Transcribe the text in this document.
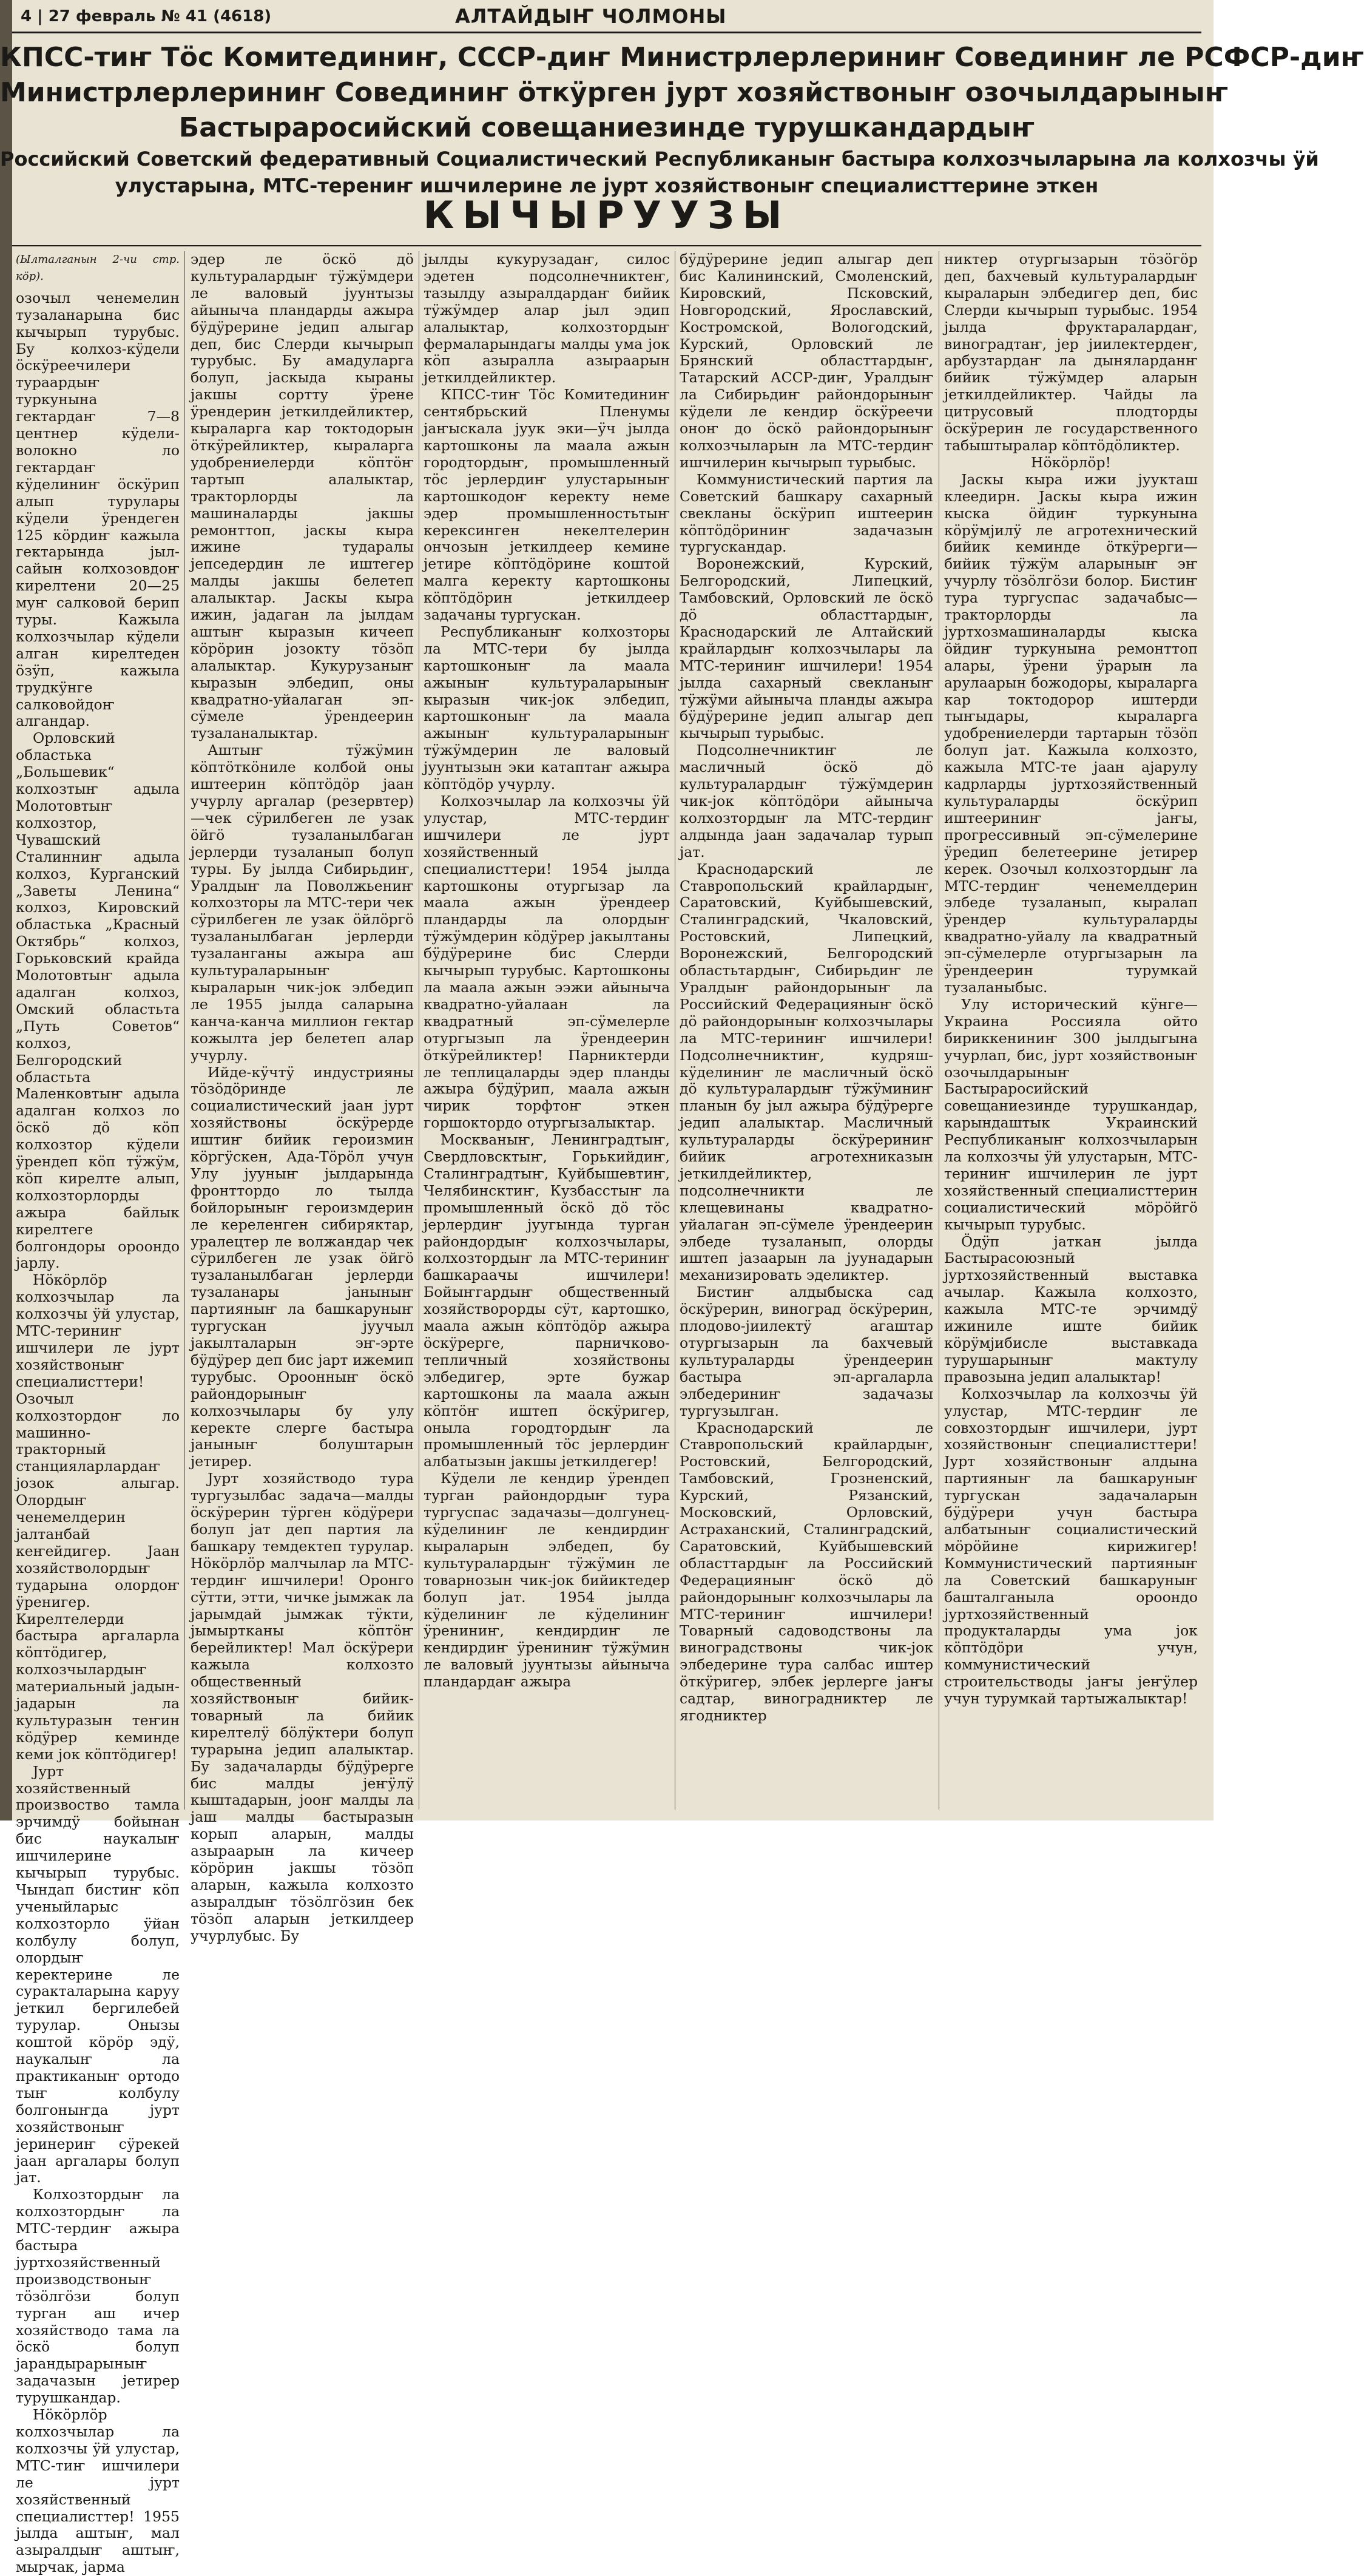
4 | 27 февраль № 41 (4618)	АЛТАЙДЫҤ ЧОЛМОНЫ
КПСС-тиҥ Тӧс Комитединиҥ, СССР-диҥ Министрлерлериниҥ Совединиҥ ле РСФСР-диҥ
Министрлерлериниҥ Совединиҥ ӧткӱрген јурт хозяйствоныҥ озочылдарыныҥ
Бастыраросийский совещаниезинде турушкандардыҥ
Российский Советский федеративный Социалистический Республиканыҥ бастыра колхозчыларына ла колхозчы ӱй
улустарына, МТС-терениҥ ишчилерине ле јурт хозяйствоныҥ специалисттерине эткен
КЫЧЫРУУЗЫ
(Ылталганын 2-чи стр. кӧр).

озочыл ченемелин тузаланарына бис кычырып турубыс. Бу колхоз-кӱдели ӧскӱреечилери тураардыҥ туркунына гектардаҥ 7—8 центнер кӱдели-волокно ло гектардаҥ кӱделиниҥ ӧскӱрип алып турулары кӱдели ӱрендеген 125 кӧрдиҥ кажыла гектарында јыл-сайын колхозовдоҥ кирелтени 20—25 муҥ салковой берип туры. Кажыла колхозчылар кӱдели алган кирелтеден ӧзӱп, кажыла трудкӱнге салковойдоҥ алгандар.

Орловский областька „Большевик“ колхозтыҥ адыла Молотовтыҥ колхозтор, Чувашский Сталинниҥ адыла колхоз, Курганский „Заветы Ленина“ колхоз, Кировский областька „Красный Октябрь“ колхоз, Горьковский крайда Молотовтыҥ адыла адалган колхоз, Омский областьта „Путь Советов“ колхоз, Белгородский областьта Маленковтыҥ адыла адалган колхоз ло ӧскӧ дӧ кӧп колхозтор кӱдели ӱрендеп кӧп тӱжӱм, кӧп кирелте алып, колхозторлорды ажыра байлык кирелтеге болгондоры ороондо јарлу.

Нӧкӧрлӧр колхозчылар ла колхозчы ӱй улустар, МТС-териниҥ ишчилери ле јурт хозяйствоныҥ специалисттери! Озочыл колхозтордоҥ ло машинно-тракторный станцияларлардаҥ јозок алыгар. Олордыҥ ченемелдерин јалтанбай кеҥейдигер. Јаан хозяйстволордыҥ тударына олордоҥ ӱренигер. Кирелтелерди бастыра аргаларла кӧптӧдигер, колхозчылардыҥ материальный јадын-јадарын ла культуразын теҥин кӧдӱрер кеминде кеми јок кӧптӧдигер!

Јурт хозяйственный произвоство тамла эрчимдӱ бойынан бис наукалыҥ ишчилерине кычырып турубыс. Чындап бистиҥ кӧп ученыйларыс колхозторло ӱйан колбулу болуп, олордыҥ керектерине ле суракталарына каруу јеткил бергилебей турулар. Онызы коштой кӧрӧр эдӱ, наукалыҥ ла практиканыҥ ортодо тыҥ колбулу болгоныҥда јурт хозяйствоныҥ јеринериҥ сӱрекей јаан аргалары болуп јат.

Колхозтордыҥ ла колхозтордыҥ ла МТС-тердиҥ ажыра бастыра јуртхозяйственный производствоныҥ тӧзӧлгӧзи болуп турган аш ичер хозяйстводо тама ла ӧскӧ болуп јарандырарыныҥ задачазын јетирер турушкандар.

Нӧкӧрлӧр колхозчылар ла колхозчы ӱй улустар, МТС-тиҥ ишчилери ле јурт хозяйственный специалисттер! 1955 јылда аштыҥ, мал азыралдыҥ аштыҥ, мырчак, јарма

эдер ле ӧскӧ дӧ культуралардыҥ тӱжӱмдери ле валовый јуунтызы айыныча пландарды ажыра бӱдӱрерине једип алыгар деп, бис Слерди кычырып турубыс. Бу амадуларга болуп, јаскыда кыраны јакшы сортту ӱрене ӱрендерин јеткилдейликтер, кыраларга кар токтодорын ӧткӱрейликтер, кыраларга удобрениелерди кӧптӧҥ тартып алалыктар, тракторлорды ла машиналарды јакшы ремонттоп, јаскы кыра ижине тударалы јепседердин ле иштегер малды јакшы белетеп алалыктар. Јаскы кыра ижин, јадаган ла јылдам аштыҥ кыразын кичееп кӧрӧрин јозокту тӧзӧп алалыктар. Кукурузаныҥ кыразын элбедип, оны квадратно-уйалаган эп-сӱмеле ӱрендеерин тузаланалыктар.

Аштыҥ тӱжӱмин кӧптӧткӧниле колбой оны иштеерин кӧптӧдӧр јаан учурлу аргалар (резервтер)—чек сӱрилбеген ле узак ӧйгӧ тузаланылбаган јерлерди тузаланып болуп туры. Бу јылда Сибирьдиҥ, Уралдыҥ ла Поволжьениҥ колхозторы ла МТС-тери чек сӱрилбеген ле узак ӧйлӧргӧ тузаланылбаган јерлерди тузаланганы ажыра аш культураларыныҥ кыраларын чик-јок элбедип ле 1955 јылда саларына канча-канча миллион гектар кожылта јер белетеп алар учурлу.

Ийде-кӱчтӱ индустрияны тӧзӧдӧринде ле социалистический јаан јурт хозяйствоны ӧскӱрерде иштиҥ бийик героизмин кӧргӱскен, Ада-Тӧрӧл учун Улу јууныҥ јылдарында фронттордо ло тылда бойлорыныҥ героизмдерин ле кереленген сибиряктар, уралецтер ле волжандар чек сӱрилбеген ле узак ӧйгӧ тузаланылбаган јерлерди тузаланары јаныныҥ партияныҥ ла башкаруныҥ тургускан јуучыл јакылталарын эҥ-эрте бӱдӱрер деп бис јарт ижемип турубыс. Ороонныҥ ӧскӧ райондорыныҥ колхозчылары бу улу керекте слерге бастыра јаныныҥ болуштарын јетирер.

Јурт хозяйстводо тура тургузылбас задача—малды ӧскӱрерин тӱрген кӧдӱрери болуп јат деп партия ла башкару темдектеп турулар. Нӧкӧрлӧр малчылар ла МТС-тердиҥ ишчилери! Оронго сӱтти, этти, чичке јымжак ла јарымдай јымжак тӱкти, јымыртканы кӧптӧҥ берейликтер! Мал ӧскӱрери кажыла колхозто общественный хозяйствоныҥ бийик-товарный ла бийик кирелтелӱ бӧлӱктери болуп турарына једип алалыктар. Бу задачаларды бӱдӱрерге бис малды јеҥӱлӱ кыштадарын, јооҥ малды ла јаш малды бастыразын корып аларын, малды азыраарын ла кичеер кӧрӧрин јакшы тӧзӧп аларын, кажыла колхозто азыралдыҥ тӧзӧлгӧзин бек тӧзӧп аларын јеткилдеер учурлубыс. Бу

јылды кукурузадаҥ, силос эдетен подсолнечниктеҥ, тазылду азыралдардаҥ бийик тӱжӱмдер алар јыл эдип алалыктар, колхозтордыҥ фермаларындагы малды ума јок кӧп азыралла азыраарын јеткилдейликтер.

КПСС-тиҥ Тӧс Комитединиҥ сентябрьский Пленумы јаҥыскала јуук эки—ӱч јылда картошконы ла маала ажын городтордыҥ, промышленный тӧс јерлердиҥ улустарыныҥ картошкодоҥ керекту неме эдер промышленностьтыҥ керексинген некелтелерин ончозын јеткилдеер кемине јетире кӧптӧдӧрине коштой малга керекту картошконы кӧптӧдӧрин јеткилдеер задачаны тургускан.

Республиканыҥ колхозторы ла МТС-тери бу јылда картошконыҥ ла маала ажыныҥ культураларыныҥ кыразын чик-јок элбедип, картошконыҥ ла маала ажыныҥ культураларыныҥ тӱжӱмдерин ле валовый јуунтызын эки катаптаҥ ажыра кӧптӧдӧр учурлу.

Колхозчылар ла колхозчы ӱй улустар, МТС-тердиҥ ишчилери ле јурт хозяйственный специалисттери! 1954 јылда картошконы отургызар ла маала ажын ӱрендеер пландарды ла олордыҥ тӱжӱмдерин кӧдӱрер јакылтаны бӱдӱрерине бис Слерди кычырып турубыс. Картошконы ла маала ажын ээжи айыныча квадратно-уйалаан ла квадратный эп-сӱмелерле отургызып ла ӱрендеерин ӧткӱрейликтер! Парниктерди ле теплицаларды эдер планды ажыра бӱдӱрип, маала ажын чирик торфтоҥ эткен горшоктордо отургызалыктар.

Москваныҥ, Ленинградтыҥ, Свердловсктыҥ, Горькийдиҥ, Сталинградтыҥ, Куйбышевтиҥ, Челябинсктиҥ, Кузбасстыҥ ла промышленный ӧскӧ дӧ тӧс јерлердиҥ јуугында турган райондордыҥ колхозчылары, колхозтордыҥ ла МТС-териниҥ башкараачы ишчилери! Бойыҥгардыҥ общественный хозяйстворорды сӱт, картошко, маала ажын кӧптӧдӧр ажыра ӧскӱрерге, парничково-тепличный хозяйствоны элбедигер, эрте бужар картошконы ла маала ажын кӧптӧҥ иштеп ӧскӱригер, оныла городтордыҥ ла промышленный тӧс јерлердиҥ албатызын јакшы јеткилдегер!

Кӱдели ле кендир ӱрендеп турган райондордыҥ тура тургуспас задачазы—долгунец-кӱделиниҥ ле кендирдиҥ кыраларын элбедеп, бу культуралардыҥ тӱжӱмин ле товарнозын чик-јок бийиктедер болуп јат. 1954 јылда кӱделиниҥ ле кӱделиниҥ ӱрениниҥ, кендирдиҥ ле кендирдиҥ ӱрениниҥ тӱжӱмин ле валовый јуунтызы айыныча пландардаҥ ажыра

бӱдӱрерине једип алыгар деп бис Калининский, Смоленский, Кировский, Псковский, Новгородский, Ярославский, Костромской, Вологодский, Курский, Орловский ле Брянский областтардыҥ, Татарский АССР-диҥ, Уралдыҥ ла Сибирьдиҥ райондорыныҥ кӱдели ле кендир ӧскӱреечи оноҥ до ӧскӧ райондорыныҥ колхозчыларын ла МТС-тердиҥ ишчилерин кычырып турыбыс.

Коммунистический партия ла Советский башкару сахарный свекланы ӧскӱрип иштеерин кӧптӧдӧриниҥ задачазын тургускандар.

Воронежский, Курский, Белгородский, Липецкий, Тамбовский, Орловский ле ӧскӧ дӧ областтардыҥ, Краснодарский ле Алтайский крайлардыҥ колхозчылары ла МТС-териниҥ ишчилери! 1954 јылда сахарный свекланыҥ тӱжӱми айыныча планды ажыра бӱдӱрерине једип алыгар деп кычырып турыбыс.

Подсолнечниктиҥ ле масличный ӧскӧ дӧ культуралардыҥ тӱжӱмдерин чик-јок кӧптӧдӧри айыныча колхозтордыҥ ла МТС-тердиҥ алдында јаан задачалар турып јат.

Краснодарский ле Ставропольский крайлардыҥ, Саратовский, Куйбышевский, Сталинградский, Чкаловский, Ростовский, Липецкий, Воронежский, Белгородский областьтардыҥ, Сибирьдиҥ ле Уралдыҥ райондорыныҥ ла Российский Федерацияныҥ ӧскӧ дӧ райондорыныҥ колхозчылары ла МТС-териниҥ ишчилери! Подсолнечниктиҥ, кудряш-кӱделиниҥ ле масличный ӧскӧ дӧ культуралардыҥ тӱжӱминиҥ планын бу јыл ажыра бӱдӱрерге једип алалыктар. Масличный культураларды ӧскӱрериниҥ бийик агротехниказын јеткилдейликтер, подсолнечникти ле клещевинаны квадратно-уйалаган эп-сӱмеле ӱрендеерин элбеде тузаланып, олорды иштеп јазаарын ла јуунадарын механизировать эделиктер.

Бистиҥ алдыбыска сад ӧскӱрерин, виноград ӧскӱрерин, плодово-јиилектӱ агаштар отургызарын ла бахчевый культураларды ӱрендеерин бастыра эп-аргаларла элбедериниҥ задачазы тургузылган.

Краснодарский ле Ставропольский крайлардыҥ, Ростовский, Белгородский, Тамбовский, Грозненский, Курский, Рязанский, Московский, Орловский, Астраханский, Сталинградский, Саратовский, Куйбышевский областтардыҥ ла Российский Федерацияныҥ ӧскӧ дӧ райондорыныҥ колхозчылары ла МТС-териниҥ ишчилери! Товарный садоводствоны ла виноградствоны чик-јок элбедерине тура салбас иштер ӧткӱригер, элбек јерлерге јаҥы садтар, виноградниктер ле ягодниктер

никтер отургызарын тӧзӧгӧр деп, бахчевый культуралардыҥ кыраларын элбедигер деп, бис Слерди кычырып турыбыс. 1954 јылда фруктаралардаҥ, виноградтаҥ, јер јиилектердеҥ, арбузтардаҥ ла дыняларданҥ бийик тӱжӱмдер аларын јеткилдейликтер. Чайды ла цитрусовый плодторды ӧскӱрерин ле государственного табыштыралар кӧптӧдӧликтер.

Нӧкӧрлӧр!

Јаскы кыра ижи јуукташ клеедирн. Јаскы кыра ижин кыска ӧйдиҥ туркунына кӧрӱмјилӱ ле агротехнический бийик кеминде ӧткӱрерги—бийик тӱжӱм аларыныҥ эҥ учурлу тӧзӧлгӧзи болор. Бистиҥ тура тургуспас задачабыс—тракторлорды ла јуртхозмашиналарды кыска ӧйдиҥ туркунына ремонттоп алары, ӱрени ӱрарын ла арулаарын божодоры, кыраларга кар токтодорор иштерди тыҥыдары, кыраларга удобрениелерди тартарын тӧзӧп болуп јат. Кажыла колхозто, кажыла МТС-те јаан ајарулу кадрларды јуртхозяйственный культураларды ӧскӱрип иштеериниҥ јаҥы, прогрессивный эп-сӱмелерине ӱредип белетеерине јетирер керек. Озочыл колхозтордыҥ ла МТС-тердиҥ ченемелдерин элбеде тузаланып, кыралап ӱрендер культураларды квадратно-уйалу ла квадратный эп-сӱмелерле отургызарын ла ӱрендеерин турумкай тузаланыбыс.

Улу исторический кӱнге—Украина Россияла ойто бириккениниҥ 300 јылдыгына учурлап, бис, јурт хозяйствоныҥ озочылдарыныҥ Бастыраросийский совещаниезинде турушкандар, карындаштык Украинский Республиканыҥ колхозчыларын ла колхозчы ӱй улустарын, МТС-териниҥ ишчилерин ле јурт хозяйственный специалисттерин социалистический мӧрӧйгӧ кычырып турубыс.

Ӧдӱп јаткан јылда Бастырасоюзный јуртхозяйственный выставка ачылар. Кажыла колхозто, кажыла МТС-те эрчимдӱ ижиниле иште бийик кӧрӱмјибисле выставкада турушарыныҥ мактулу правозына једип алалыктар!

Колхозчылар ла колхозчы ӱй улустар, МТС-тердиҥ ле совхозтордыҥ ишчилери, јурт хозяйствоныҥ специалисттери! Јурт хозяйствоныҥ алдына партияныҥ ла башкаруныҥ тургускан задачаларын бӱдӱрери учун бастыра албатыныҥ социалистический мӧрӧйине кирижигер! Коммунистический партияныҥ ла Советский башкаруныҥ башталганыла ороондо јуртхозяйственный продукталарды ума јок кӧптӧдӧри учун, коммунистический строительстводы јаҥы јеҥӱлер учун турумкай тартыжалыктар!
